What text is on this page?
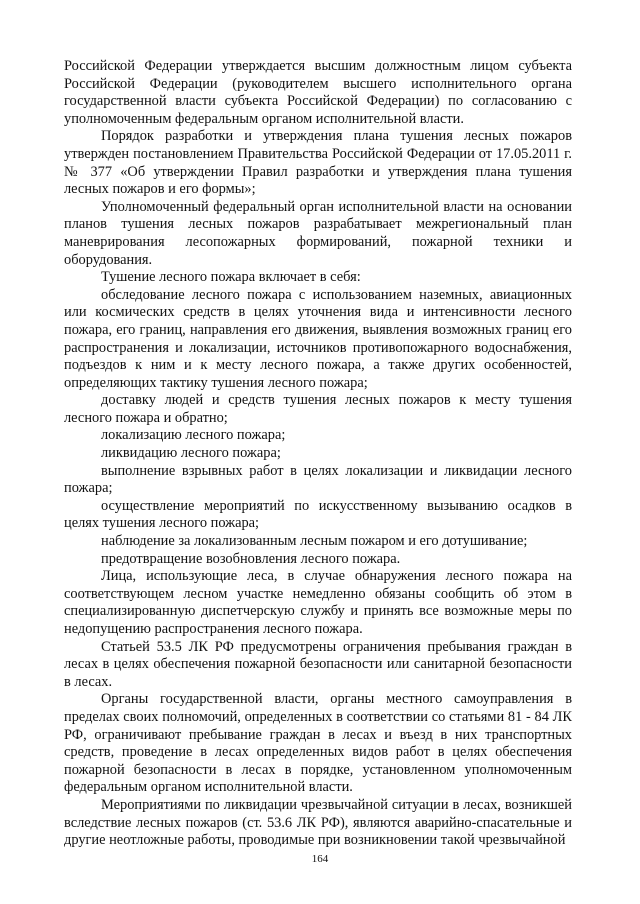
Российской Федерации утверждается высшим должностным лицом субъекта Российской Федерации (руководителем высшего исполнительного органа государственной власти субъекта Российской Федерации) по согласованию с уполномоченным федеральным органом исполнительной власти.

Порядок разработки и утверждения плана тушения лесных пожаров утвержден постановлением Правительства Российской Федерации от 17.05.2011 г. № 377 «Об утверждении Правил разработки и утверждения плана тушения лесных пожаров и его формы»;

Уполномоченный федеральный орган исполнительной власти на основании планов тушения лесных пожаров разрабатывает межрегиональный план маневрирования лесопожарных формирований, пожарной техники и оборудования.

Тушение лесного пожара включает в себя:

обследование лесного пожара с использованием наземных, авиационных или космических средств в целях уточнения вида и интенсивности лесного пожара, его границ, направления его движения, выявления возможных границ его распространения и локализации, источников противопожарного водоснабжения, подъездов к ним и к месту лесного пожара, а также других особенностей, определяющих тактику тушения лесного пожара;

доставку людей и средств тушения лесных пожаров к месту тушения лесного пожара и обратно;

локализацию лесного пожара;

ликвидацию лесного пожара;

выполнение взрывных работ в целях локализации и ликвидации лесного пожара;

осуществление мероприятий по искусственному вызыванию осадков в целях тушения лесного пожара;

наблюдение за локализованным лесным пожаром и его дотушивание;

предотвращение возобновления лесного пожара.

Лица, использующие леса, в случае обнаружения лесного пожара на соответствующем лесном участке немедленно обязаны сообщить об этом в специализированную диспетчерскую службу и принять все возможные меры по недопущению распространения лесного пожара.

Статьей 53.5 ЛК РФ предусмотрены ограничения пребывания граждан в лесах в целях обеспечения пожарной безопасности или санитарной безопасности в лесах.

Органы государственной власти, органы местного самоуправления в пределах своих полномочий, определенных в соответствии со статьями 81 - 84 ЛК РФ, ограничивают пребывание граждан в лесах и въезд в них транспортных средств, проведение в лесах определенных видов работ в целях обеспечения пожарной безопасности в лесах в порядке, установленном уполномоченным федеральным органом исполнительной власти.

Мероприятиями по ликвидации чрезвычайной ситуации в лесах, возникшей вследствие лесных пожаров (ст. 53.6 ЛК РФ), являются аварийно-спасательные и другие неотложные работы, проводимые при возникновении такой чрезвычайной

164
